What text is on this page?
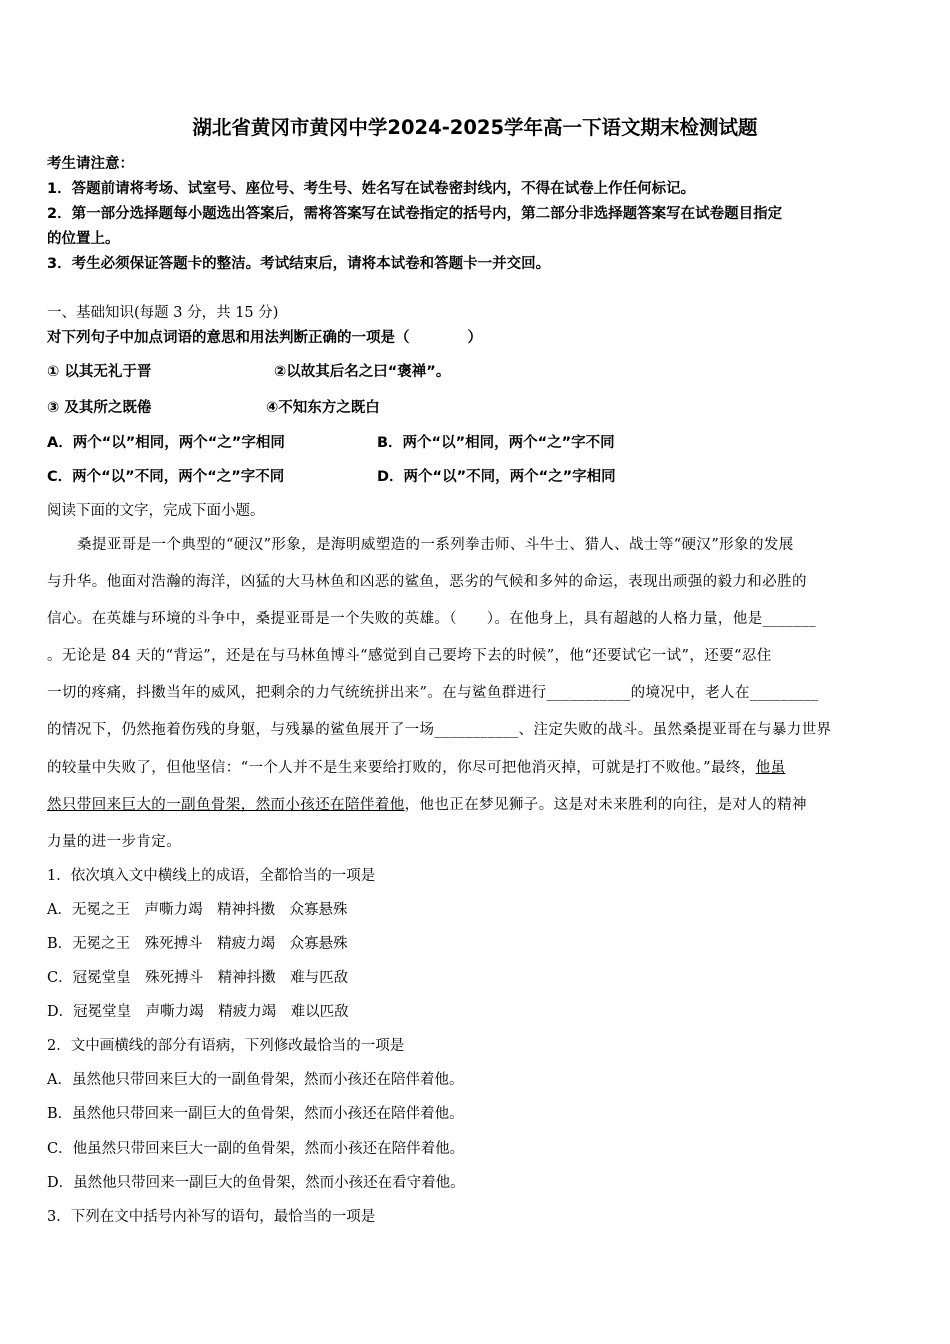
湖北省黄冈市黄冈中学2024-2025学年高一下语文期末检测试题
考生请注意：
1．答题前请将考场、试室号、座位号、考生号、姓名写在试卷密封线内，不得在试卷上作任何标记。
2．第一部分选择题每小题选出答案后，需将答案写在试卷指定的括号内，第二部分非选择题答案写在试卷题目指定
的位置上。
3．考生必须保证答题卡的整洁。考试结束后，请将本试卷和答题卡一并交回。
一、基础知识(每题 3 分，共 15 分)
对下列句子中加点词语的意思和用法判断正确的一项是（　　　　）
① 以其无礼于晋	②以故其后名之曰“褒禅”。
③ 及其所之既倦	④不知东方之既白
A．两个“以”相同，两个“之”字相同	B．两个“以”相同，两个“之”字不同
C．两个“以”不同，两个“之”字不同	D．两个“以”不同，两个“之”字相同
阅读下面的文字，完成下面小题。
桑提亚哥是一个典型的“硬汉”形象，是海明威塑造的一系列拳击师、斗牛士、猎人、战士等“硬汉”形象的发展
与升华。他面对浩瀚的海洋，凶猛的大马林鱼和凶恶的鲨鱼，恶劣的气候和多舛的命运，表现出顽强的毅力和必胜的
信心。在英雄与环境的斗争中，桑提亚哥是一个失败的英雄。（　　）。在他身上，具有超越的人格力量，他是_______
。无论是 84 天的“背运”，还是在与马林鱼博斗“感觉到自己要垮下去的时候”，他“还要试它一试”，还要“忍住
一切的疼痛，抖擞当年的威风，把剩余的力气统统拼出来”。在与鲨鱼群进行___________的境况中，老人在_________
的情况下，仍然拖着伤残的身躯，与残暴的鲨鱼展开了一场___________、注定失败的战斗。虽然桑提亚哥在与暴力世界
的较量中失败了，但他坚信：“一个人并不是生来要给打败的，你尽可把他消灭掉，可就是打不败他。”最终，他虽
然只带回来巨大的一副鱼骨架，然而小孩还在陪伴着他，他也正在梦见狮子。这是对未来胜利的向往，是对人的精神
力量的进一步肯定。
1．依次填入文中横线上的成语，全都恰当的一项是
A．无冕之王　声嘶力竭　精神抖擞　众寡悬殊
B．无冕之王　殊死搏斗　精疲力竭　众寡悬殊
C．冠冕堂皇　殊死搏斗　精神抖擞　难与匹敌
D．冠冕堂皇　声嘶力竭　精疲力竭　难以匹敌
2．文中画横线的部分有语病，下列修改最恰当的一项是
A．虽然他只带回来巨大的一副鱼骨架，然而小孩还在陪伴着他。
B．虽然他只带回来一副巨大的鱼骨架，然而小孩还在陪伴着他。
C．他虽然只带回来巨大一副的鱼骨架，然而小孩还在陪伴着他。
D．虽然他只带回来一副巨大的鱼骨架，然而小孩还在看守着他。
3．下列在文中括号内补写的语句，最恰当的一项是
